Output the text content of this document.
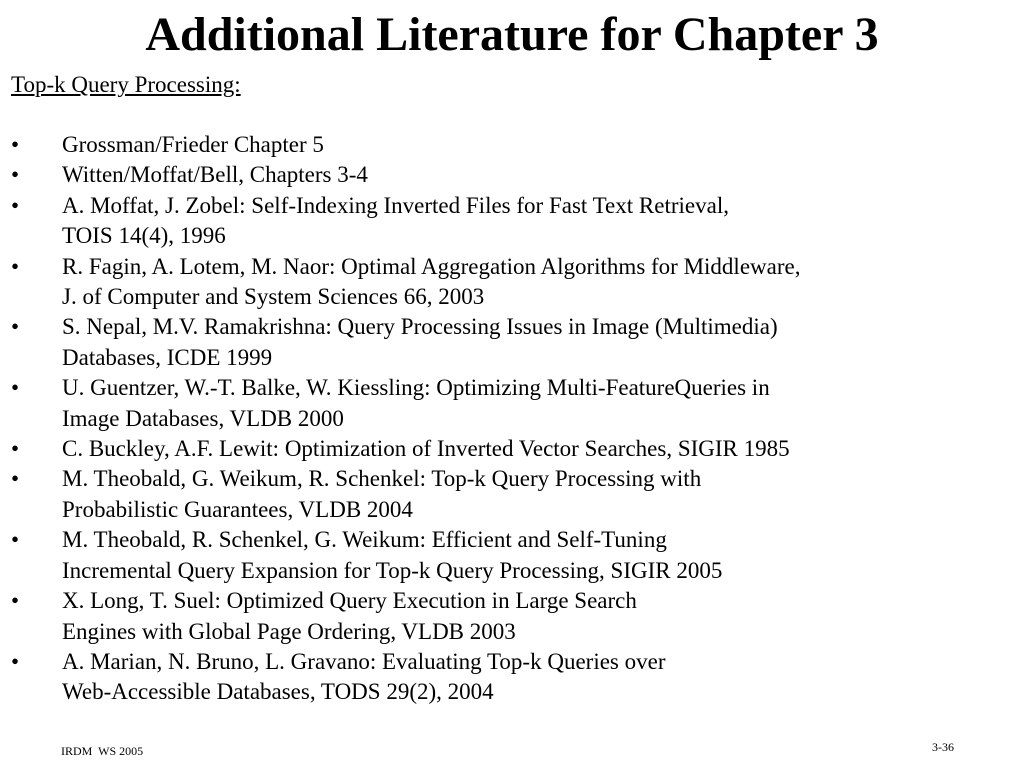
Additional Literature for Chapter 3
Top-k Query Processing:
• Grossman/Frieder Chapter 5
• Witten/Moffat/Bell, Chapters 3-4
• A. Moffat, J. Zobel: Self-Indexing Inverted Files for Fast Text Retrieval,
TOIS 14(4), 1996
• R. Fagin, A. Lotem, M. Naor: Optimal Aggregation Algorithms for Middleware,
J. of Computer and System Sciences 66, 2003
• S. Nepal, M.V. Ramakrishna: Query Processing Issues in Image (Multimedia)
Databases, ICDE 1999
• U. Guentzer, W.-T. Balke, W. Kiessling: Optimizing Multi-FeatureQueries in
Image Databases, VLDB 2000
• C. Buckley, A.F. Lewit: Optimization of Inverted Vector Searches, SIGIR 1985
• M. Theobald, G. Weikum, R. Schenkel: Top-k Query Processing with
Probabilistic Guarantees, VLDB 2004
• M. Theobald, R. Schenkel, G. Weikum: Efficient and Self-Tuning
Incremental Query Expansion for Top-k Query Processing, SIGIR 2005
• X. Long, T. Suel: Optimized Query Execution in Large Search
Engines with Global Page Ordering, VLDB 2003
• A. Marian, N. Bruno, L. Gravano: Evaluating Top-k Queries over
Web-Accessible Databases, TODS 29(2), 2004
IRDM  WS 2005	3-36
